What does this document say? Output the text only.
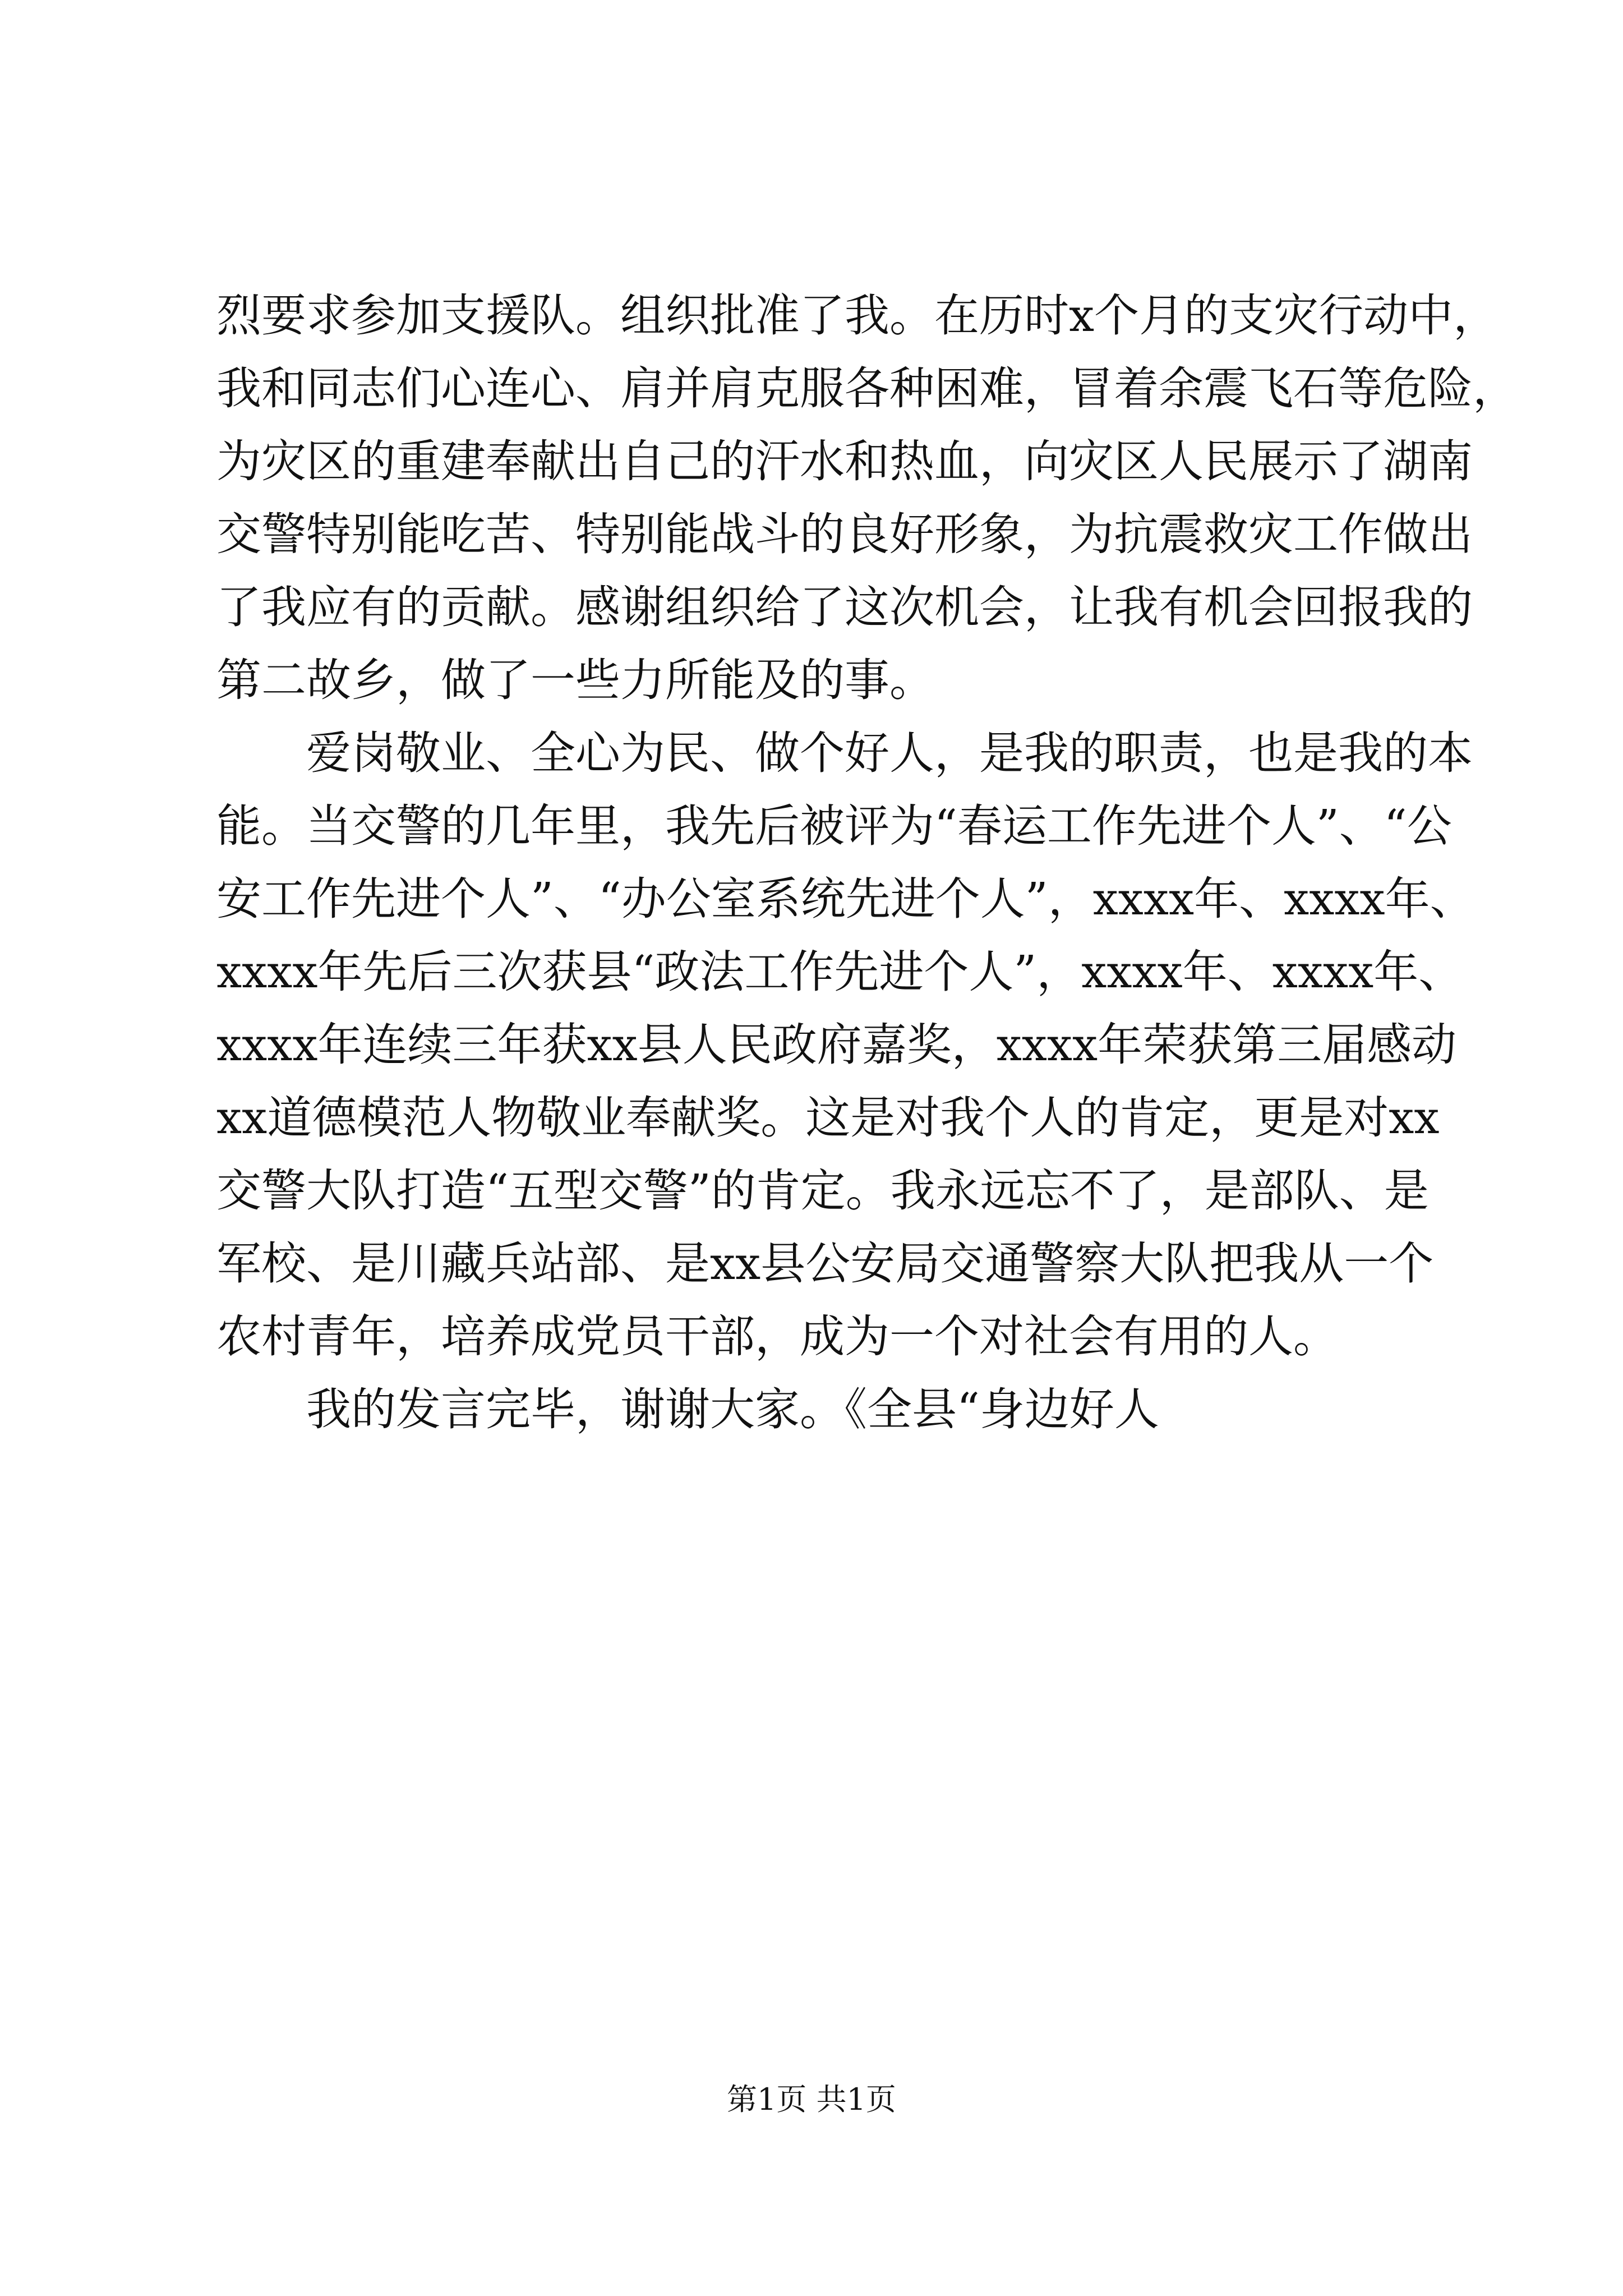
烈要求参加支援队。组织批准了我。在历时x个月的支灾行动中，
我和同志们心连心、肩并肩克服各种困难，冒着余震飞石等危险，
为灾区的重建奉献出自己的汗水和热血，向灾区人民展示了湖南
交警特别能吃苦、特别能战斗的良好形象，为抗震救灾工作做出
了我应有的贡献。感谢组织给了这次机会，让我有机会回报我的
第二故乡，做了一些力所能及的事。
爱岗敬业、全心为民、做个好人，是我的职责，也是我的本
能。当交警的几年里，我先后被评为“春运工作先进个人”、“公
安工作先进个人”、“办公室系统先进个人”，xxxx年、xxxx年、
xxxx年先后三次获县“政法工作先进个人”，xxxx年、xxxx年、
xxxx年连续三年获xx县人民政府嘉奖，xxxx年荣获第三届感动
xx道德模范人物敬业奉献奖。这是对我个人的肯定，更是对xx
交警大队打造“五型交警”的肯定。我永远忘不了，是部队、是
军校、是川藏兵站部、是xx县公安局交通警察大队把我从一个
农村青年，培养成党员干部，成为一个对社会有用的人。
我的发言完毕，谢谢大家。《全县“身边好人
第1页 共1页
